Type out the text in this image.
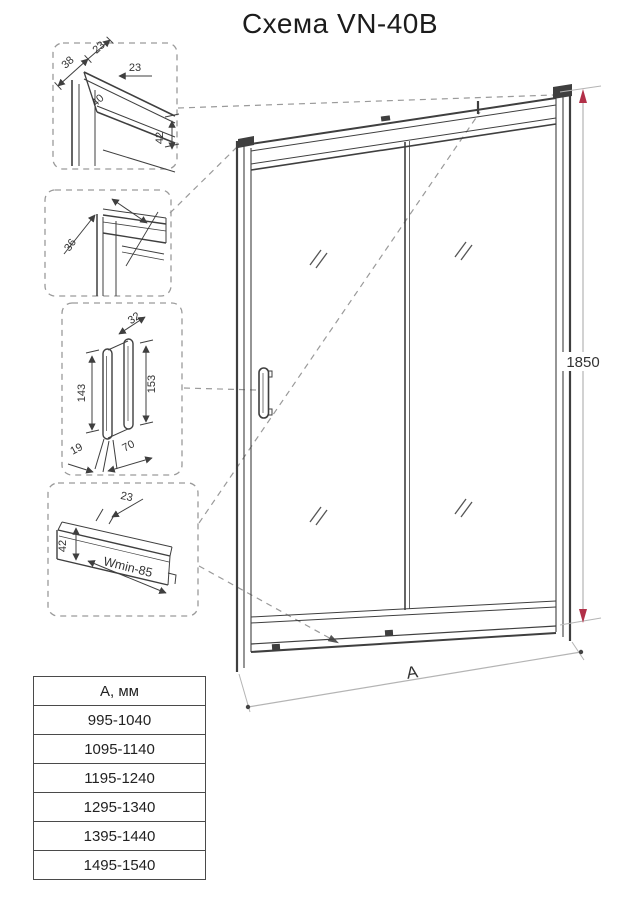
Схема VN-40В
38
23
23
40
42
36
32
143	153
19	70
23
42
Wmin-85
1850
А
А, мм
995-1040
1095-1140
1195-1240
1295-1340
1395-1440
1495-1540
